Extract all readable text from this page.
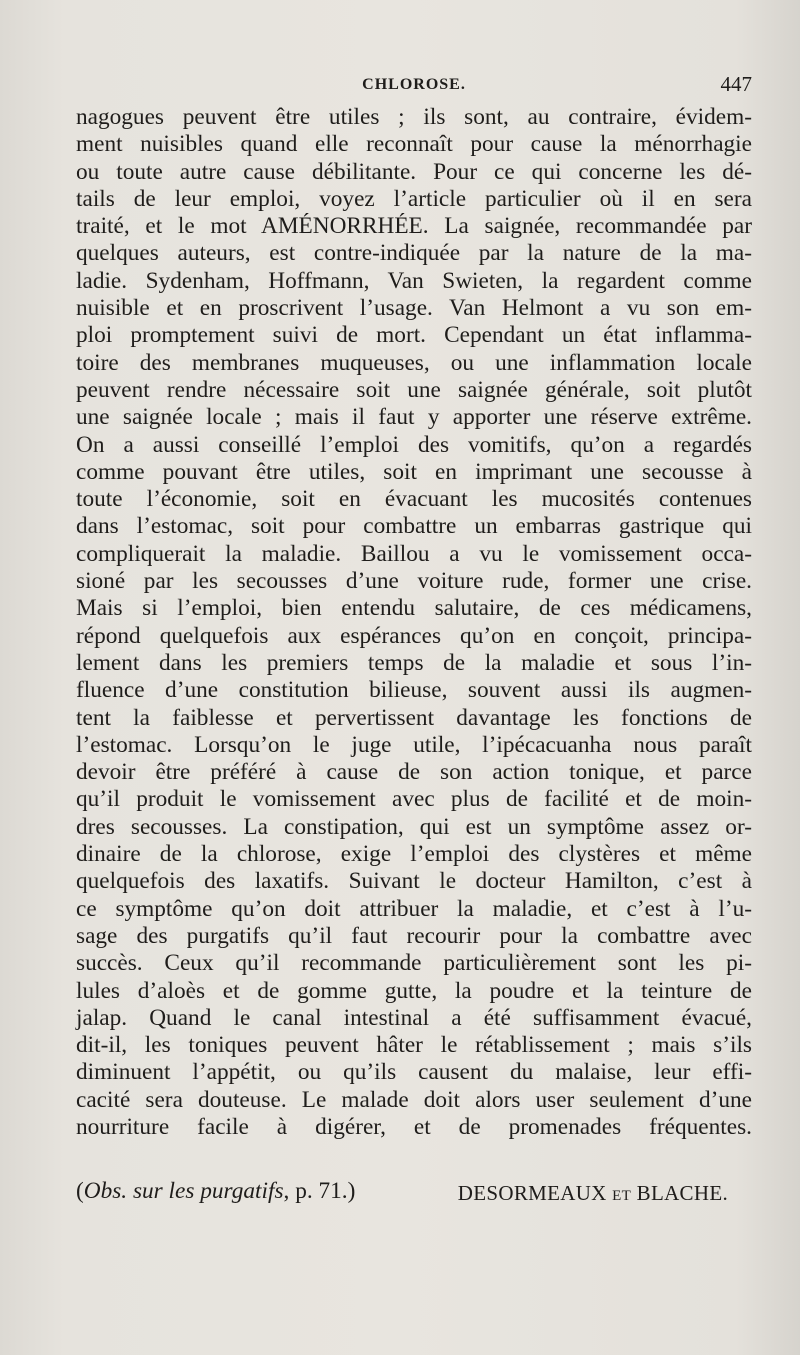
CHLOROSE.	447
nagogues peuvent être utiles ; ils sont, au contraire, évidem-
ment nuisibles quand elle reconnaît pour cause la ménorrhagie
ou toute autre cause débilitante. Pour ce qui concerne les dé-
tails de leur emploi, voyez l’article particulier où il en sera
traité, et le mot AMÉNORRHÉE. La saignée, recommandée par
quelques auteurs, est contre-indiquée par la nature de la ma-
ladie. Sydenham, Hoffmann, Van Swieten, la regardent comme
nuisible et en proscrivent l’usage. Van Helmont a vu son em-
ploi promptement suivi de mort. Cependant un état inflamma-
toire des membranes muqueuses, ou une inflammation locale
peuvent rendre nécessaire soit une saignée générale, soit plutôt
une saignée locale ; mais il faut y apporter une réserve extrême.
On a aussi conseillé l’emploi des vomitifs, qu’on a regardés
comme pouvant être utiles, soit en imprimant une secousse à
toute l’économie, soit en évacuant les mucosités contenues
dans l’estomac, soit pour combattre un embarras gastrique qui
compliquerait la maladie. Baillou a vu le vomissement occa-
sioné par les secousses d’une voiture rude, former une crise.
Mais si l’emploi, bien entendu salutaire, de ces médicamens,
répond quelquefois aux espérances qu’on en conçoit, principa-
lement dans les premiers temps de la maladie et sous l’in-
fluence d’une constitution bilieuse, souvent aussi ils augmen-
tent la faiblesse et pervertissent davantage les fonctions de
l’estomac. Lorsqu’on le juge utile, l’ipécacuanha nous paraît
devoir être préféré à cause de son action tonique, et parce
qu’il produit le vomissement avec plus de facilité et de moin-
dres secousses. La constipation, qui est un symptôme assez or-
dinaire de la chlorose, exige l’emploi des clystères et même
quelquefois des laxatifs. Suivant le docteur Hamilton, c’est à
ce symptôme qu’on doit attribuer la maladie, et c’est à l’u-
sage des purgatifs qu’il faut recourir pour la combattre avec
succès. Ceux qu’il recommande particulièrement sont les pi-
lules d’aloès et de gomme gutte, la poudre et la teinture de
jalap. Quand le canal intestinal a été suffisamment évacué,
dit-il, les toniques peuvent hâter le rétablissement ; mais s’ils
diminuent l’appétit, ou qu’ils causent du malaise, leur effi-
cacité sera douteuse. Le malade doit alors user seulement d’une
nourriture facile à digérer, et de promenades fréquentes.
(Obs. sur les purgatifs, p. 71.)	DESORMEAUX et BLACHE.
